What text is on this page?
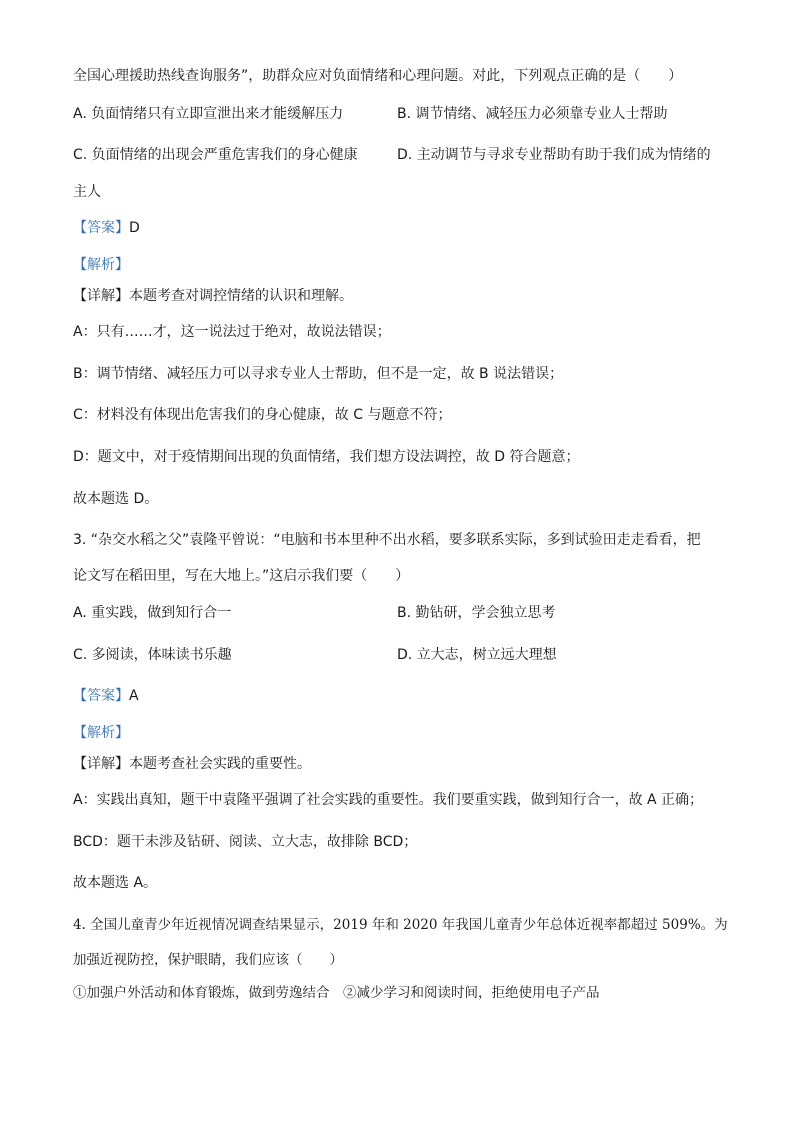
全国心理援助热线查询服务”，助群众应对负面情绪和心理问题。对此，下列观点正确的是（　　）
A. 负面情绪只有立即宣泄出来才能缓解压力	B. 调节情绪、减轻压力必须靠专业人士帮助
C. 负面情绪的出现会严重危害我们的身心健康	D. 主动调节与寻求专业帮助有助于我们成为情绪的
主人
【答案】D
【解析】
【详解】本题考查对调控情绪的认识和理解。
A：只有……才，这一说法过于绝对，故说法错误；
B：调节情绪、减轻压力可以寻求专业人士帮助，但不是一定，故 B 说法错误；
C：材料没有体现出危害我们的身心健康，故 C 与题意不符；
D：题文中，对于疫情期间出现的负面情绪，我们想方设法调控，故 D 符合题意；
故本题选 D。
3. “杂交水稻之父”袁隆平曾说：“电脑和书本里种不出水稻，要多联系实际，多到试验田走走看看，把
论文写在稻田里，写在大地上。”这启示我们要（　　）
A. 重实践，做到知行合一	B. 勤钻研，学会独立思考
C. 多阅读，体味读书乐趣	D. 立大志，树立远大理想
【答案】A
【解析】
【详解】本题考查社会实践的重要性。
A：实践出真知，题干中袁隆平强调了社会实践的重要性。我们要重实践，做到知行合一，故 A 正确；
BCD：题干未涉及钻研、阅读、立大志，故排除 BCD；
故本题选 A。
4. 全国儿童青少年近视情况调查结果显示，2019 年和 2020 年我国儿童青少年总体近视率都超过 509%。为
加强近视防控，保护眼睛，我们应该（　　）
①加强户外活动和体育锻炼，做到劳逸结合　②减少学习和阅读时间，拒绝使用电子产品
